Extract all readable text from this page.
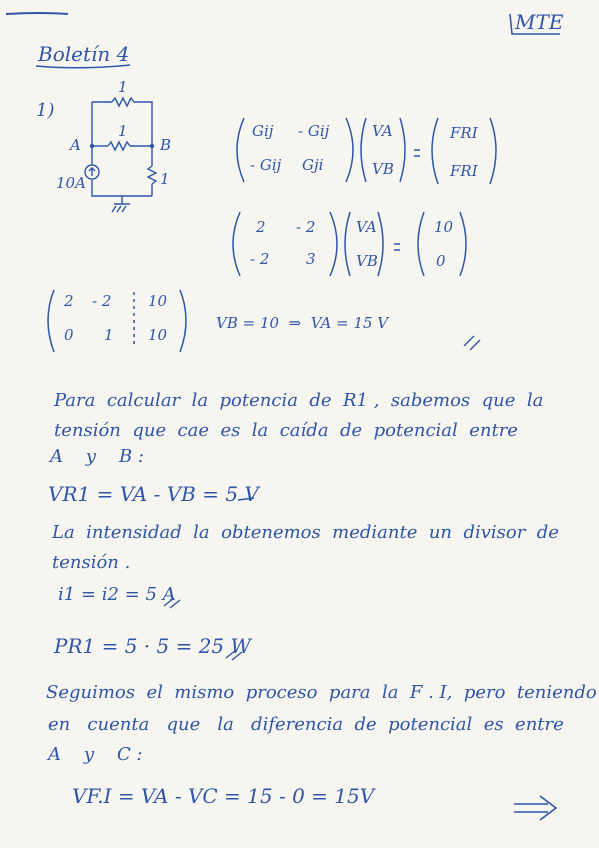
MTE
Boletín 4
1)
1
1
1
A	B
10A
Gij - Gij
- Gij Gji
VA
VB
FRI
FRI
2 - 2
- 2 3
VA
VB
10
0
2 - 2 10
0 1 10
VB = 10  ⇒  VA = 15 V
Para  calcular  la  potencia  de  R1 ,  sabemos  que  la
tensión  que  cae  es  la  caída  de  potencial  entre
A    y    B :
VR1 = VA - VB = 5 V
La  intensidad  la  obtenemos  mediante  un  divisor  de
tensión .
i1 = i2 = 5 A
PR1 = 5 · 5 = 25 W
Seguimos  el  mismo  proceso  para  la  F . I,  pero  teniendo
en   cuenta   que   la   diferencia  de  potencial  es  entre
A    y    C :
VF.I = VA - VC = 15 - 0 = 15V
